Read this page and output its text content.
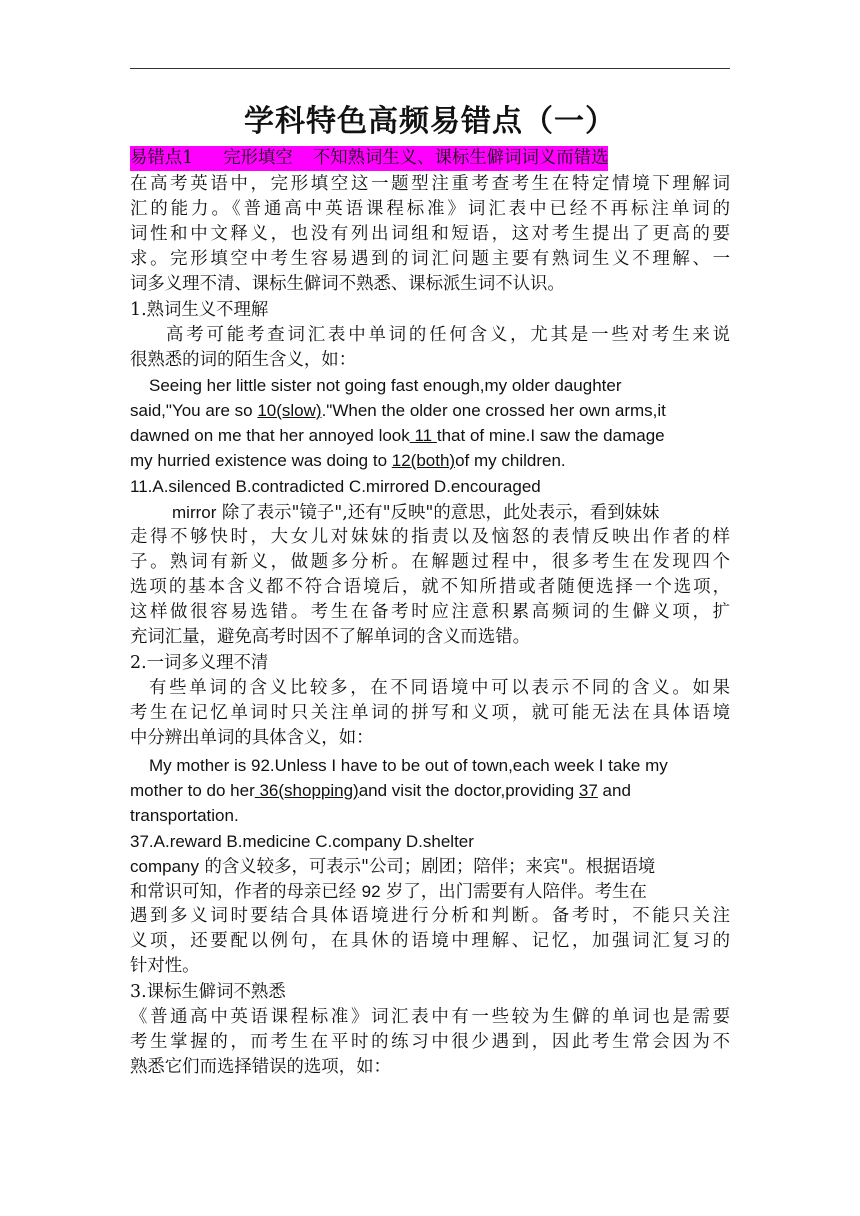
学科特色高频易错点（一）
易错点1 完形填空 不知熟词生义、课标生僻词词义而错选
在高考英语中，完形填空这一题型注重考查考生在特定情境下理解词
汇的能力。《普通高中英语课程标准》词汇表中已经不再标注单词的
词性和中文释义，也没有列出词组和短语，这对考生提出了更高的要
求。完形填空中考生容易遇到的词汇问题主要有熟词生义不理解、一
词多义理不清、课标生僻词不熟悉、课标派生词不认识。
1.熟词生义不理解
高考可能考查词汇表中单词的任何含义，尤其是一些对考生来说
很熟悉的词的陌生含义，如：
Seeing her little sister not going fast enough,my older daughter
said,"You are so 10(slow)."When the older one crossed her own arms,it
dawned on me that her annoyed look 11 that of mine.I saw the damage
my hurried existence was doing to 12(both)of my children.
11.A.silenced B.contradicted C.mirrored D.encouraged
mirror 除了表示"镜子",还有"反映"的意思，此处表示，看到妹妹
走得不够快时，大女儿对妹妹的指责以及恼怒的表情反映出作者的样
子。熟词有新义，做题多分析。在解题过程中，很多考生在发现四个
选项的基本含义都不符合语境后，就不知所措或者随便选择一个选项，
这样做很容易选错。考生在备考时应注意积累高频词的生僻义项，扩
充词汇量，避免高考时因不了解单词的含义而选错。
2.一词多义理不清
有些单词的含义比较多，在不同语境中可以表示不同的含义。如果
考生在记忆单词时只关注单词的拼写和义项，就可能无法在具体语境
中分辨出单词的具体含义，如：
My mother is 92.Unless I have to be out of town,each week I take my
mother to do her 36(shopping)and visit the doctor,providing 37 and
transportation.
37.A.reward B.medicine C.company D.shelter
company 的含义较多，可表示"公司；剧团；陪伴；来宾"。根据语境
和常识可知，作者的母亲已经 92 岁了，出门需要有人陪伴。考生在
遇到多义词时要结合具体语境进行分析和判断。备考时，不能只关注
义项，还要配以例句，在具休的语境中理解、记忆，加强词汇复习的
针对性。
3.课标生僻词不熟悉
《普通高中英语课程标准》词汇表中有一些较为生僻的单词也是需要
考生掌握的，而考生在平时的练习中很少遇到，因此考生常会因为不
熟悉它们而选择错误的选项，如：
